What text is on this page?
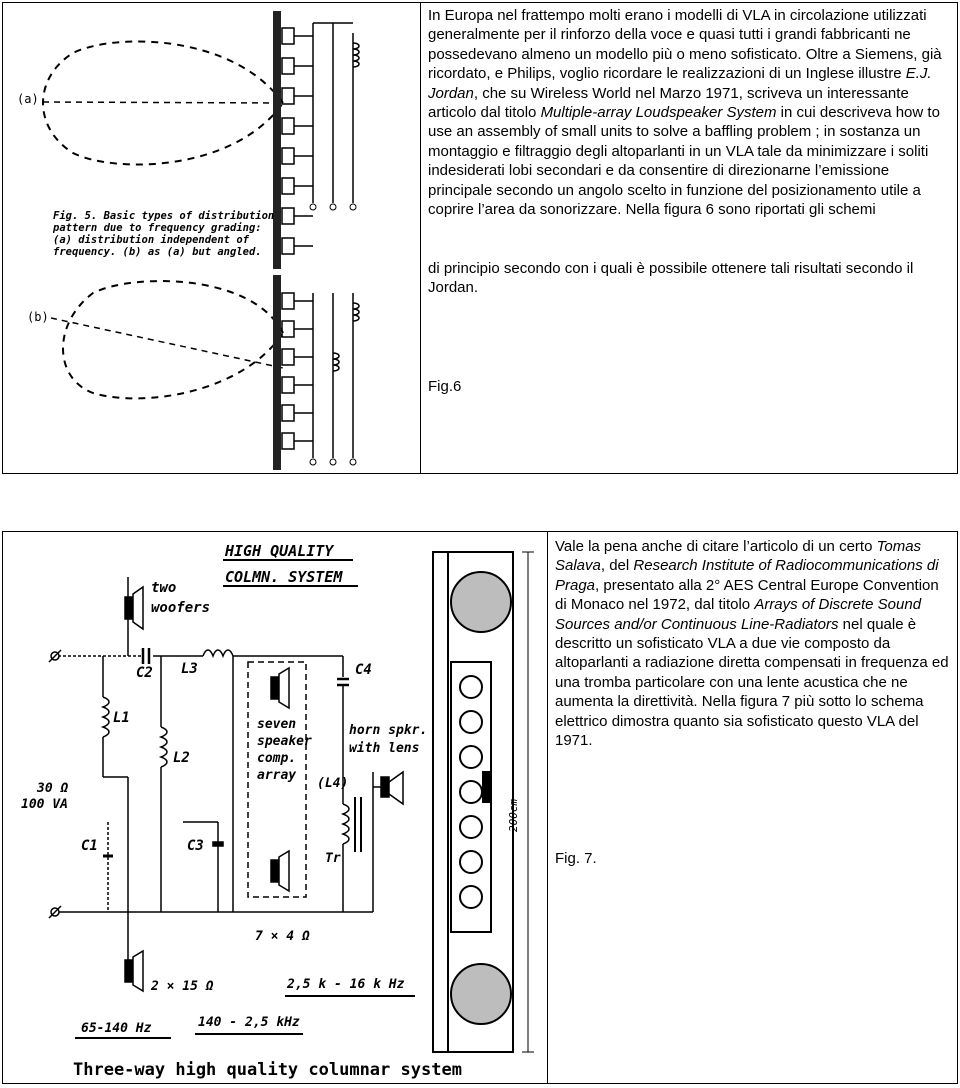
(a)
Fig. 5. Basic types of distribution
pattern due to frequency grading:
(a) distribution independent of
frequency. (b) as (a) but angled.
(b)

In Europa nel frattempo molti erano i modelli di VLA in circolazione utilizzati generalmente per il rinforzo della voce e quasi tutti i grandi fabbricanti ne possedevano almeno un modello più o meno sofisticato. Oltre a Siemens, già ricordato, e Philips, voglio ricordare le realizzazioni di un Inglese illustre E.J. Jordan, che su Wireless World nel Marzo 1971, scriveva un interessante articolo dal titolo Multiple-array Loudspeaker System in cui descriveva how to use an assembly of small units to solve a baffling problem ; in sostanza un montaggio e filtraggio degli altoparlanti in un VLA tale da minimizzare i soliti indesiderati lobi secondari e da consentire di direzionarne l’emissione principale secondo un angolo scelto in funzione del posizionamento utile a coprire l’area da sonorizzare. Nella figura 6 sono riportati gli schemi

di principio secondo con i quali è possibile ottenere tali risultati secondo il Jordan.

Fig.6
HIGH QUALITY
COLMN. SYSTEM
two
woofers
C2 L3	C4
L1
L2
seven
speaker
comp.
array
horn spkr.
with lens
(L4)
Tr
30 Ω
100 VA
C1	C3
7 × 4 Ω
2 × 15 Ω	2,5 k - 16 k Hz
65-140 Hz	140 - 2,5 kHz
Three-way high quality columnar system
200cm

Vale la pena anche di citare l’articolo di un certo Tomas Salava, del Research Institute of Radiocommunications di Praga, presentato alla 2° AES Central Europe Convention di Monaco nel 1972, dal titolo Arrays of Discrete Sound Sources and/or Continuous Line-Radiators nel quale è descritto un sofisticato VLA a due vie composto da altoparlanti a radiazione diretta compensati in frequenza ed una tromba particolare con una lente acustica che ne aumenta la direttività. Nella figura 7 più sotto lo schema elettrico dimostra quanto sia sofisticato questo VLA del 1971.

Fig. 7.
